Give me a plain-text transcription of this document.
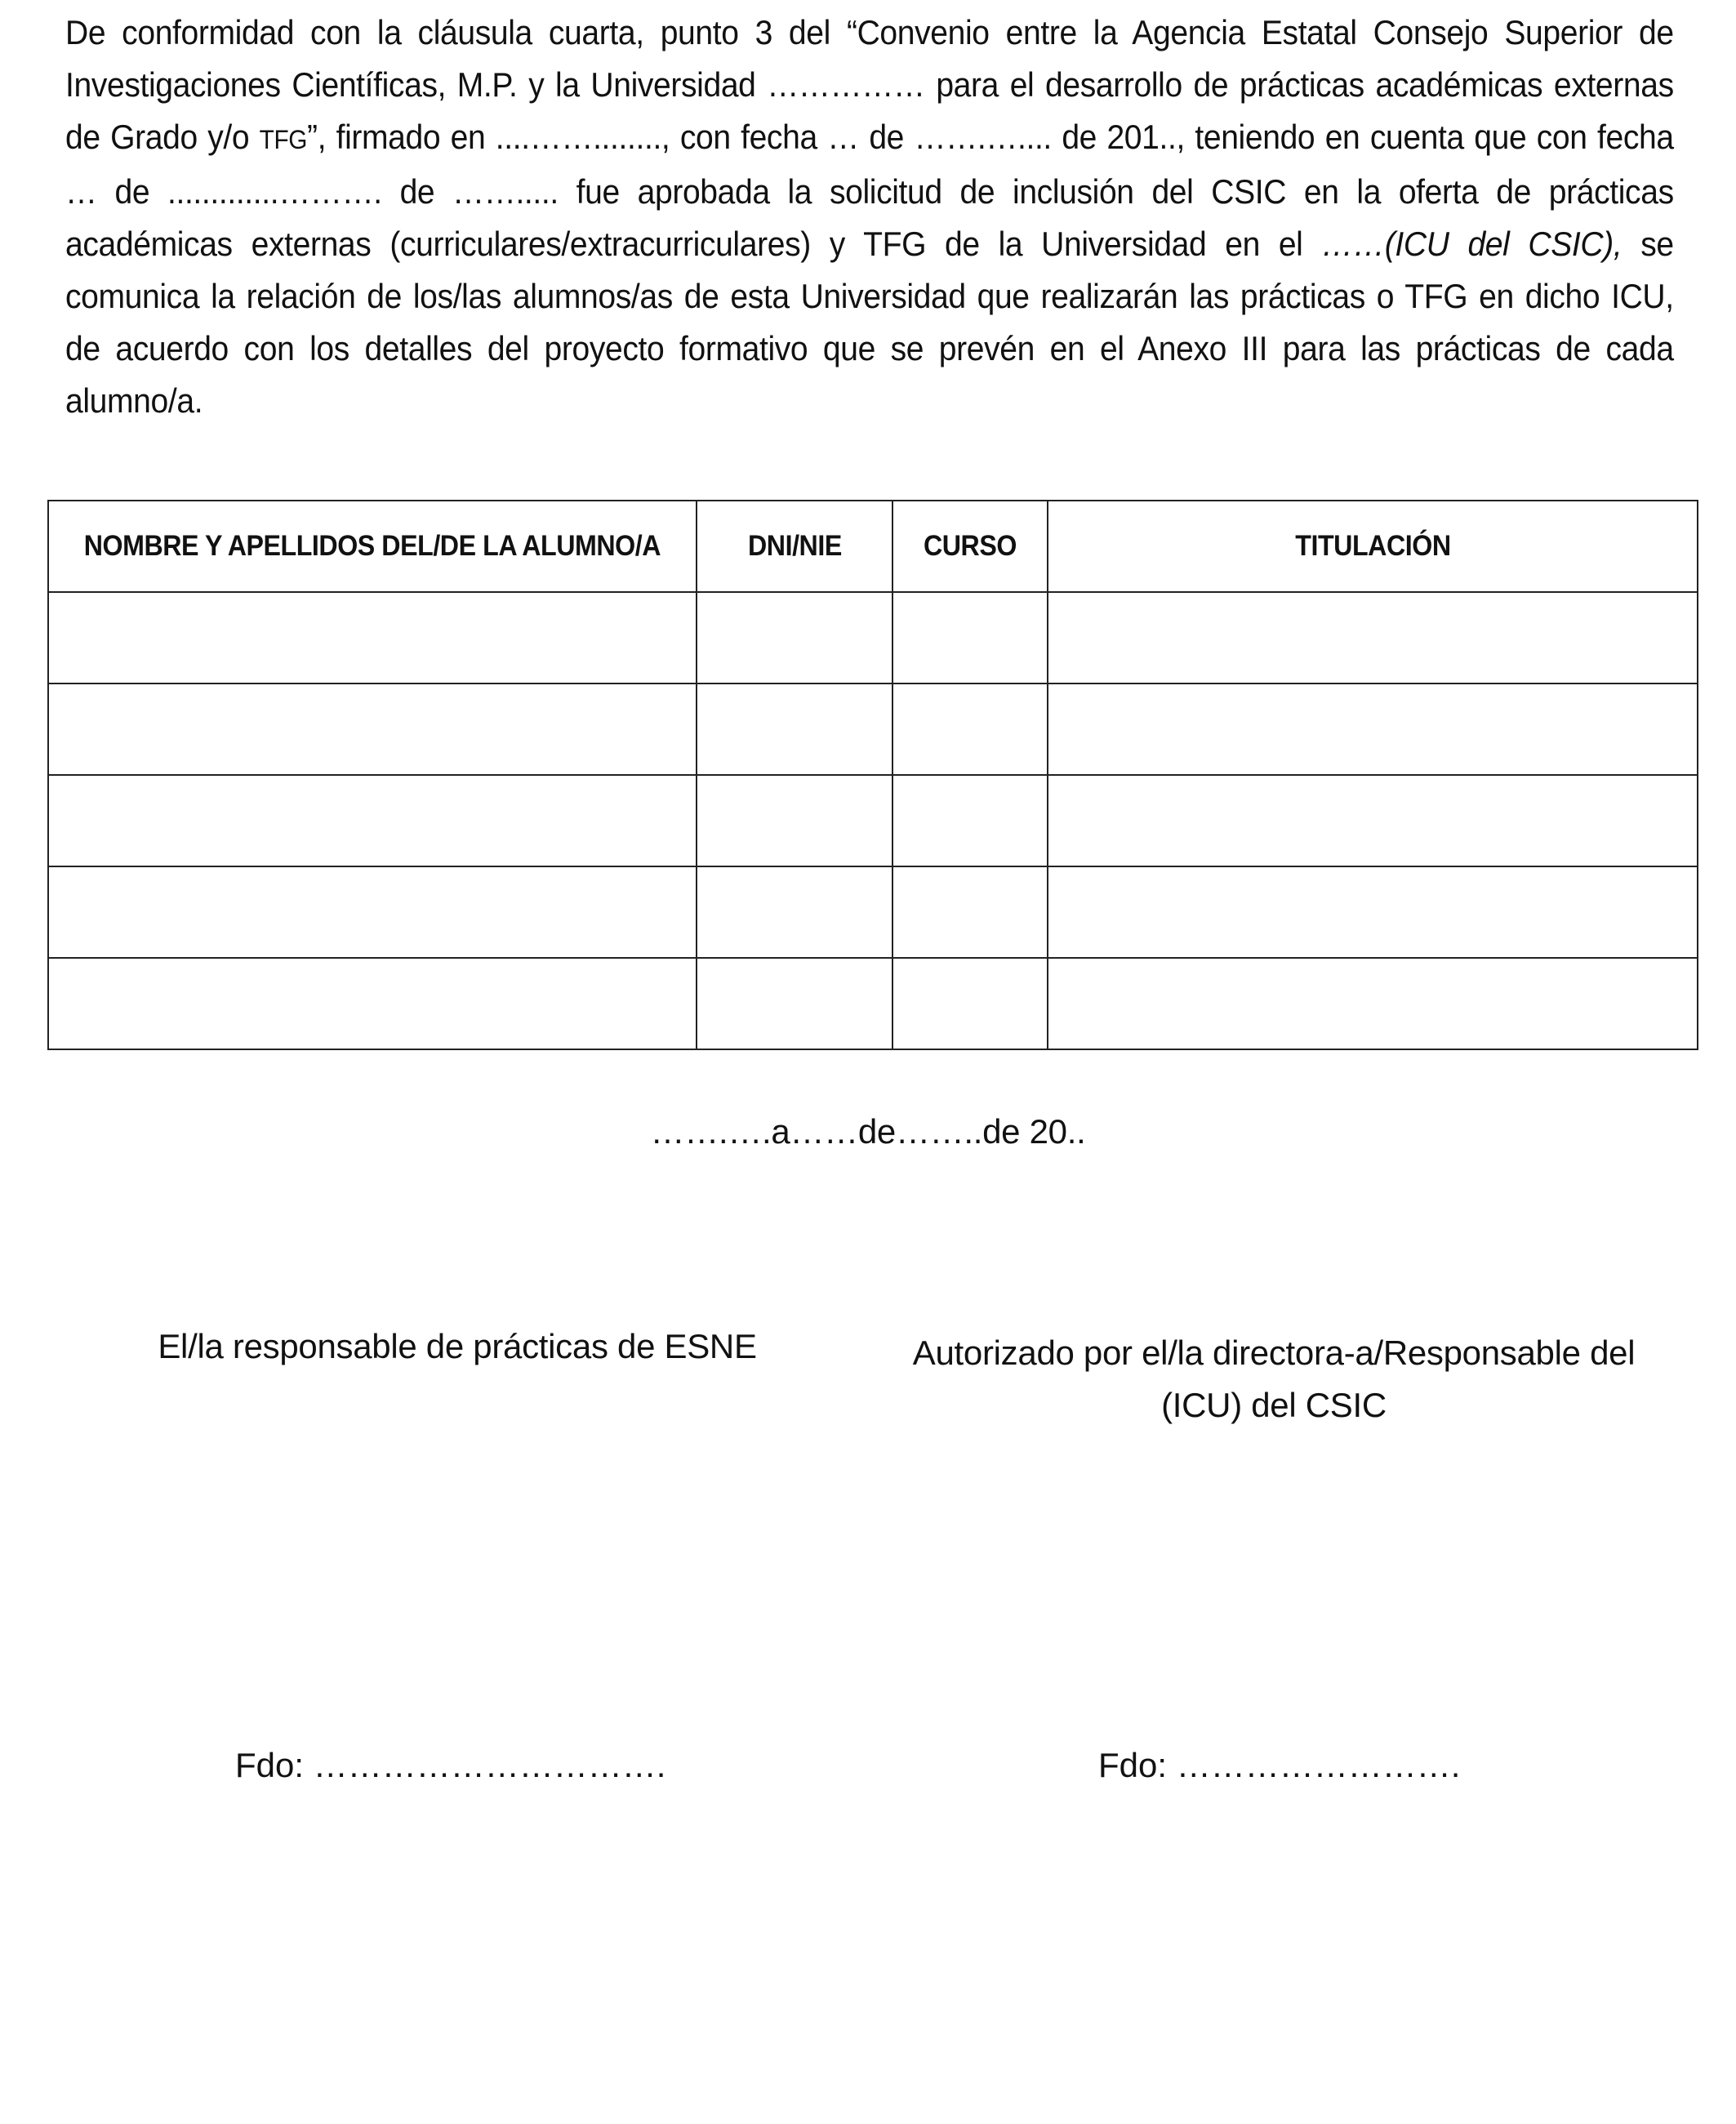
De conformidad con la cláusula cuarta, punto 3 del “Convenio entre la Agencia Estatal Consejo Superior de Investigaciones Científicas, M.P. y la Universidad …………… para el desarrollo de prácticas académicas externas de Grado y/o TFG”, firmado en ....……........, con fecha … de …….….... de 201.., teniendo en cuenta que con fecha … de .............………. de ……..... fue aprobada la solicitud de inclusión del CSIC en la oferta de prácticas académicas externas (curriculares/extracurriculares) y TFG de la Universidad en el ……(ICU del CSIC), se comunica la relación de los/las alumnos/as de esta Universidad que realizarán las prácticas o TFG en dicho ICU, de acuerdo con los detalles del proyecto formativo que se prevén en el Anexo III para las prácticas de cada alumno/a.
NOMBRE Y APELLIDOS DEL/DE LA ALUMNO/A	DNI/NIE	CURSO	TITULACIÓN

…….….a……de……..de 20..
El/la responsable de prácticas de ESNE	Autorizado por el/la directora-a/Responsable del
(ICU) del CSIC
Fdo: ………………………….	Fdo: …………………….
